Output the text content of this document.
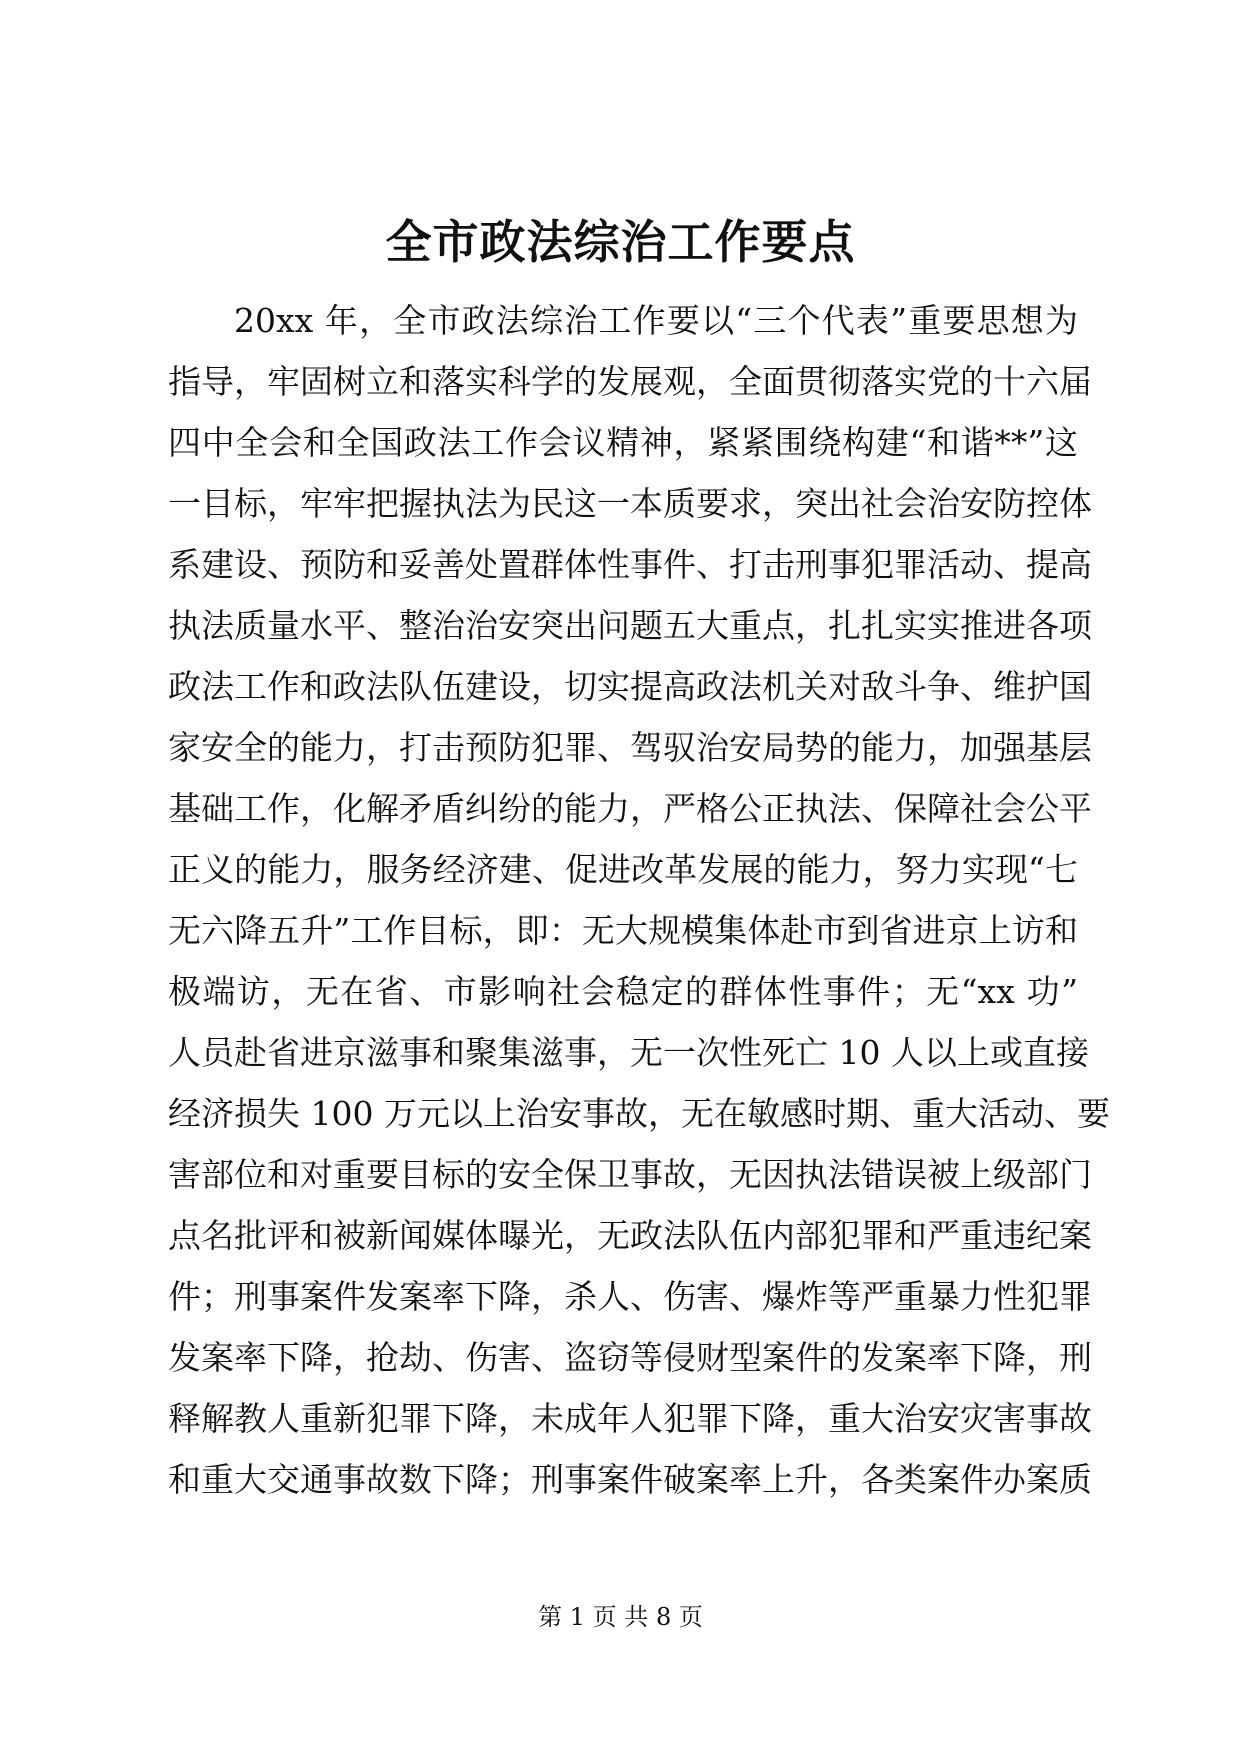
全市政法综治工作要点
20xx 年，全市政法综治工作要以“三个代表”重要思想为
指导，牢固树立和落实科学的发展观，全面贯彻落实党的十六届
四中全会和全国政法工作会议精神，紧紧围绕构建“和谐**”这
一目标，牢牢把握执法为民这一本质要求，突出社会治安防控体
系建设、预防和妥善处置群体性事件、打击刑事犯罪活动、提高
执法质量水平、整治治安突出问题五大重点，扎扎实实推进各项
政法工作和政法队伍建设，切实提高政法机关对敌斗争、维护国
家安全的能力，打击预防犯罪、驾驭治安局势的能力，加强基层
基础工作，化解矛盾纠纷的能力，严格公正执法、保障社会公平
正义的能力，服务经济建、促进改革发展的能力，努力实现“七
无六降五升”工作目标，即：无大规模集体赴市到省进京上访和
极端访，无在省、市影响社会稳定的群体性事件；无“xx 功”
人员赴省进京滋事和聚集滋事，无一次性死亡 10 人以上或直接
经济损失 100 万元以上治安事故，无在敏感时期、重大活动、要
害部位和对重要目标的安全保卫事故，无因执法错误被上级部门
点名批评和被新闻媒体曝光，无政法队伍内部犯罪和严重违纪案
件；刑事案件发案率下降，杀人、伤害、爆炸等严重暴力性犯罪
发案率下降，抢劫、伤害、盗窃等侵财型案件的发案率下降，刑
释解教人重新犯罪下降，未成年人犯罪下降，重大治安灾害事故
和重大交通事故数下降；刑事案件破案率上升，各类案件办案质
第 1 页 共 8 页
